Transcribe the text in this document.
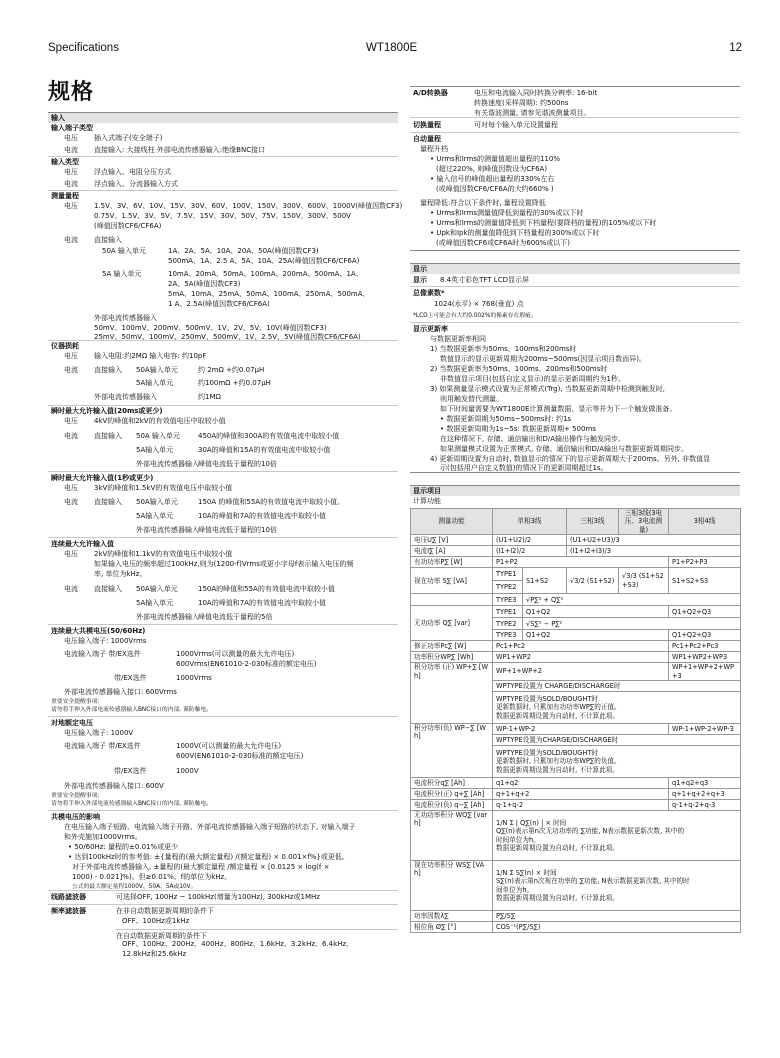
Specifications	WT1800E	12
规格
输入
输入端子类型
电压 插入式端子(安全端子)
电流 直接输入: 大接线柱 外部电流传感器输入:绝缘BNC接口
输入类型
电压 浮点输入、电阻分压方式
电流 浮点输入、分流器输入方式
测量量程
电压 1.5V、3V、6V、10V、15V、30V、60V、100V、150V、300V、600V、1000V(峰值因数CF3)
0.75V、1.5V、3V、5V、7.5V、15V、30V、50V、75V、150V、300V、500V
(峰值因数CF6/CF6A)
电流 直接输入
50A 输入单元	1A、2A、5A、10A、20A、50A(峰值因数CF3)
500mA、1A、2.5 A、5A、10A、25A(峰值因数CF6/CF6A)
5A 输入单元	10mA、20mA、50mA、100mA、200mA、500mA、1A、
2A、5A(峰值因数CF3)
5mA、10mA、25mA、50mA、100mA、250mA、500mA、
1 A、2.5A(峰值因数CF6/CF6A)
外部电流传感器输入
50mV、100mV、200mV、500mV、1V、2V、5V、10V(峰值因数CF3)
25mV、50mV、100mV、250mV、500mV、1V、2.5V、5V(峰值因数CF6/CF6A)
仪器损耗
电压 输入电阻:约2MΩ 输入电容: 约10pF
电流 直接输入 50A输入单元	约 2mΩ +约0.07μH
5A输入单元	约100mΩ +约0.07μH
外部电流传感器输入	约1MΩ
瞬时最大允许输入值(20ms或更少)
电压 4kV的峰值和2kV的有效值电压中取较小值
电流 直接输入 50A 输入单元	450A的峰值和300A的有效值电流中取较小值
5A输入单元	30A的峰值和15A的有效值电流中取较小值
外部电流传感器输入 峰值电流低于量程的10倍
瞬时最大允许输入值(1秒或更少)
电压 3kV的峰值和1.5kV的有效值电压中取较小值
电流 直接输入 50A输入单元	150A 的峰值和55A的有效值电流中取较小值。
5A输入单元	10A的峰值和7A的有效值电流中取较小值
外部电流传感器输入 峰值电流低于量程的10倍
连续最大允许输入值
电压 2kV的峰值和1.1kV的有效值电压中取较小值
如果输入电压的频率超过100kHz,则为(1200-f)Vrms或更小字母f表示输入电压的频
率, 单位为kHz。
电流 直接输入 50A输入单元	150A的峰值和55A的有效值电流中取较小值
5A输入单元	10A的峰值和7A的有效值电流中取较小值
外部电流传感器输入 峰值电流低于量程的5倍
连续最大共模电压(50/60Hz)
电压输入端子: 1000Vrms
电流输入端子 带/EX选件	1000Vrms(可以测量的最大允许电压)
600Vrms(EN61010-2-030标准的额定电压)
带/EX选件	1000Vrms
外部电流传感器输入接口: 600Vrms
重要安全提醒事项:
请勿将手伸入外部电流传感器输入BNC接口的内部, 谨防触电。
对地额定电压
电压输入端子: 1000V
电流输入端子 带/EX选件	1000V(可以测量的最大允许电压)
600V(EN61010-2-030标准的额定电压)
带/EX选件	1000V
外部电流传感器输入接口: 600V
重要安全提醒事项:
请勿将手伸入外部电流传感器输入BNC接口的内部, 谨防触电。
共模电压的影响
在电压输入端子短路、电流输入端子开路、外部电流传感器输入端子短路的状态下, 对输入端子
和外壳施加1000Vrms。
• 50/60Hz: 量程的±0.01%或更少
• 达到100kHz时的参考值: ±{量程的(最大额定量程) /(额定量程) × 0.001×f%}或更低。
对于外部电流传感器输入, ±量程的(最大额定量程 /额定量程 × [0.0125 × log(f ×
1000) - 0.021]%)。但≥0.01%。f的单位为kHz。
公式的最大额定量程1000V、50A、5A或10V。
线路滤波器	可选择OFF, 100Hz ~ 100kHz(增量为100Hz), 300kHz或1MHz
频率滤波器	在非自动数据更新周期的条件下
OFF、100Hz或1kHz
在自动数据更新周期的条件下
OFF、100Hz、200Hz、400Hz、800Hz、1.6kHz、3.2kHz、6.4kHz、
12.8kHz和25.6kHz
A/D转换器	电压和电流输入同时转换分辨率: 16-bit
转换速度(采样周期): 约500ns
有关谐波测量, 请参见谐波测量项目。
切换量程	可对每个输入单元设置量程
自动量程
量程升档
• Urms和Irms的测量值超出量程的110%
(超过220%, 则峰值因数设为CF6A)
• 输入信号的峰值超出量程的330%左右
(或峰值因数CF6/CF6A的大约660% )
量程降低:符合以下条件时, 量程设置降低
• Urms和Irms测量值降低到量程的30%或以下时
• Urms和Irms的测量值降低到下档量程(要降档的量程)的105%或以下时
• Upk和Ipk的测量值降低到下档量程的300%或以下时
(或峰值因数CF6或CF6A时为600%或以下)
显示
显示 8.4英寸彩色TFT LCD显示屏
总像素数*
1024(水平) × 768(垂直) 点
*LCD上可能会有大约0.002%的像素存在瑕疵。
显示更新率
与数据更新率相同
1) 当数据更新率为50ms、100ms和200ms时
数值显示的显示更新周期为200ms~500ms(因显示项目数而异)。
2) 当数据更新率为50ms、100ms、200ms和500ms时
非数值显示项目(包括自定义显示)的显示更新周期约为1秒。
3) 如果测量显示模式设置为正常模式(Trg), 当数据更新周期中检测到触发时,
则用触发替代测量。
如下时间量需要为WT1800E计算测量数据、显示等并为下一个触发做准备。
• 数据更新周期为50ms~500ms时: 约1s
• 数据更新周期为1s~5s: 数据更新周期+ 500ms
在这种情况下, 存储、通信输出和D/A输出操作与触发同步。
如果测量模式设置为正常模式, 存储、通信输出和D/A输出与数据更新周期同步。
4) 更新周期设置为自动时, 数值显示的情况下的显示更新周期大于200ms。另外, 非数值显
示(包括用户自定义数值)的情况下的更新周期超过1s。
显示项目
计算功能
测量功能	单相3线		三相3线	三相3线(3电压、3电流测量)	3相4线
电压U∑ [V]	(U1+U2)/2		(U1+U2+U3)/3		
电流I∑ [A]	(I1+I2)/2		(I1+I2+I3)/3		
有功功率P∑ [W]	P1+P2				P1+P2+P3
视在功率 S∑ [VA]	TYPE1	S1+S2	√3/2 (S1+S2)	√3/3 (S1+S2+S3)	S1+S2+S3
	TYPE2				
	TYPE3	√P∑² + Q∑²			
无功功率 Q∑ [var]	TYPE1	Q1+Q2			Q1+Q2+Q3
	TYPE2	√S∑² − P∑²			
	TYPE3	Q1+Q2			Q1+Q2+Q3
修正功率Pc∑ [W]	Pc1+Pc2				Pc1+Pc2+Pc3
功率积分WP∑ [Wh]	WP1+WP2				WP1+WP2+WP3
积分功率 (正) WP+∑ [Wh]	WP+1+WP+2				WP+1+WP+2+WP+3
	WPTYPE设置为 CHARGE/DISCHARGE时				

	WPTYPE设置为SOLD/BOUGHT时
更新数据时, 只累加有功功率WP∑的正值。
数据更新周期设置为自动时, 不计算此项。				

积分功率(负) WP−∑ [Wh]	WP-1+WP-2				WP-1+WP-2+WP-3
	WPTYPE设置为CHARGE/DISCHARGE时				

	WPTYPE设置为SOLD/BOUGHT时
更新数据时, 只累加有功功率WP∑的负值。
数据更新周期设置为自动时, 不计算此项。				

电流积分q∑ [Ah]	q1+q2				q1+q2+q3
电流积分(正) q+∑ [Ah]	q+1+q+2				q+1+q+2+q+3
电流积分(负) q−∑ [Ah]	q-1+q-2				q-1+q-2+q-3
无功功率积分 WQ∑ [varh]	1/N Σ | Q∑(n) | × 时间
Q∑(n)表示第n次无功功率的 ∑功能, N表示数据更新次数, 其中的
时间单位为h。
数据更新周期设置为自动时, 不计算此项。				

视在功率积分 WS∑ [VAh]	1/N Σ S∑(n) × 时间
S∑(n)表示第n次视在功率的 ∑功能, N表示数据更新次数, 其中的时
间单位为h。
数据更新周期设置为自动时, 不计算此项。				

功率因数λ∑	P∑/S∑				
相位角 Ø∑ [°]	COS⁻¹(P∑/S∑)				
